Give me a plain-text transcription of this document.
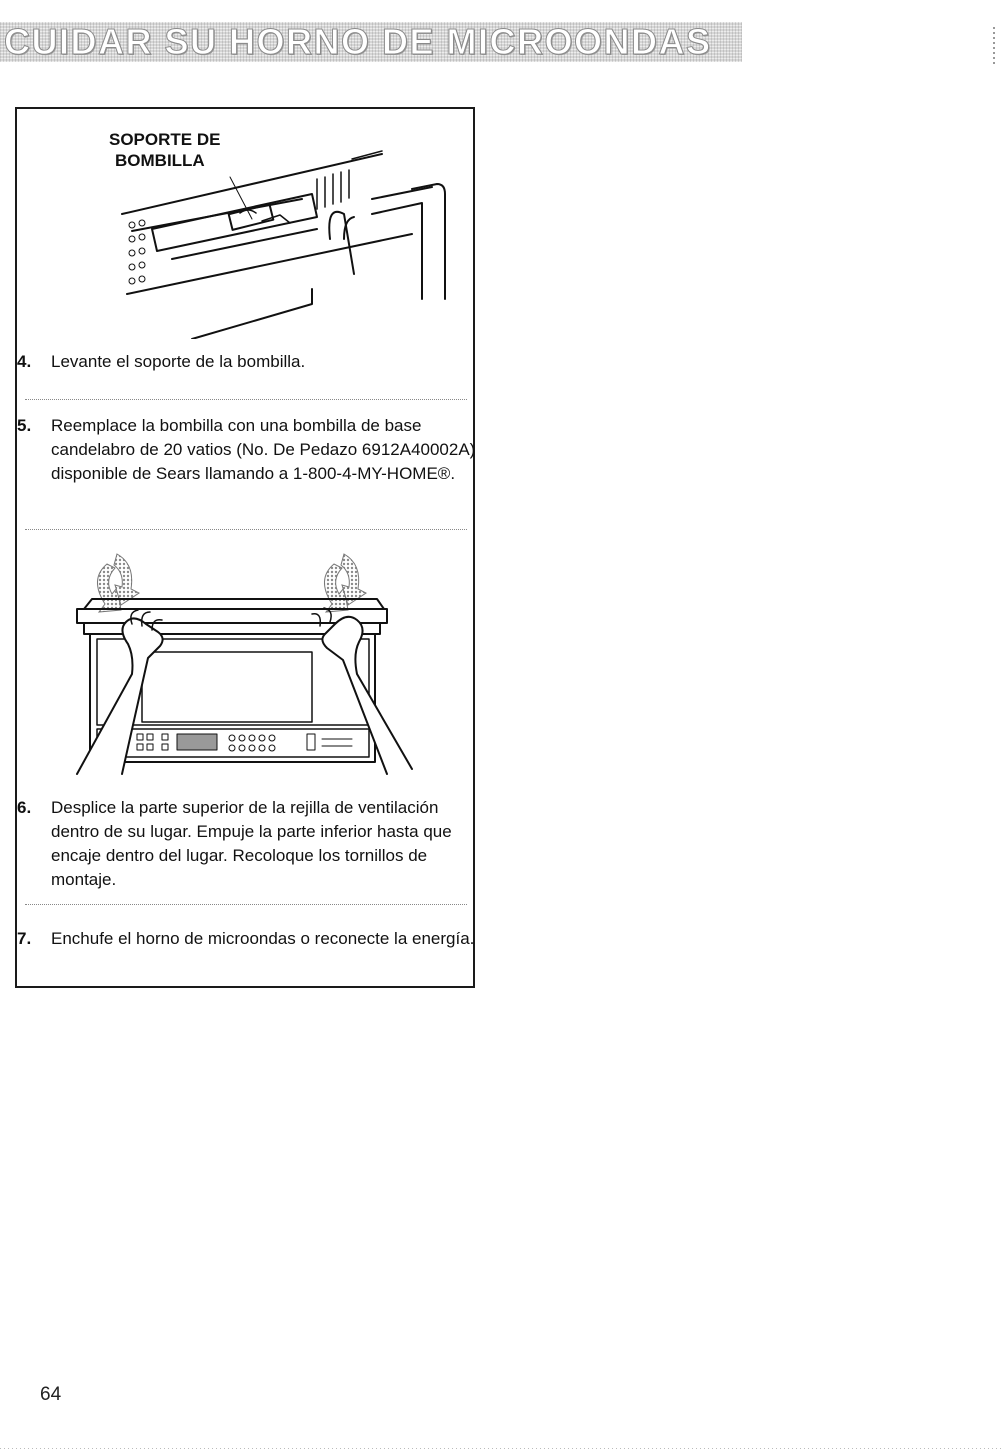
CUIDAR SU HORNO DE MICROONDAS
SOPORTE DE
BOMBILLA
4. Levante el soporte de la bombilla.
5. Reemplace la bombilla con una bombilla de base candelabro de 20 vatios (No. De Pedazo 6912A40002A) disponible de Sears llamando a 1-800-4-MY-HOME®.
6. Desplice la parte superior de la rejilla de ventilación dentro de su lugar. Empuje la parte inferior hasta que encaje dentro del lugar. Recoloque los tornillos de montaje.
7. Enchufe el horno de microondas o reconecte la energía.
64
